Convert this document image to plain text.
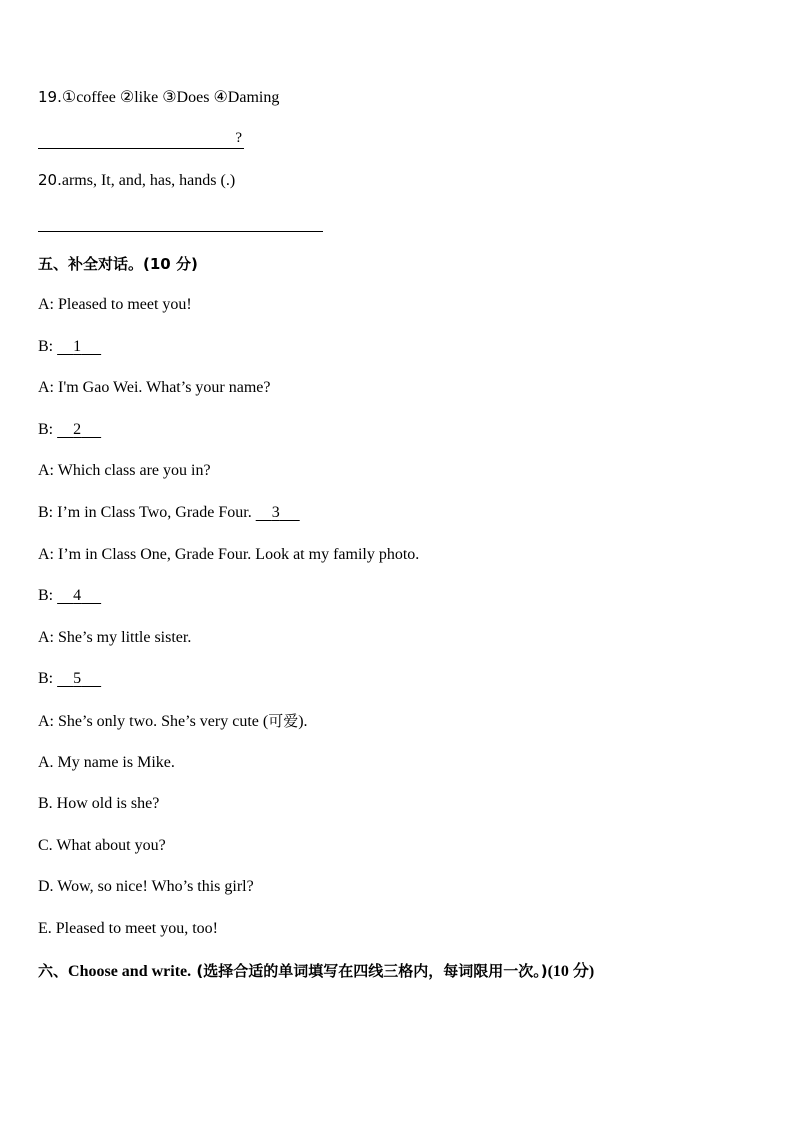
19.①coffee ②like ③Does ④Daming
?
20.arms, It, and, has, hands (.)
五、补全对话。(10 分)
A: Pleased to meet you!
B: 1
A: I'm Gao Wei. What’s your name?
B: 2
A: Which class are you in?
B: I’m in Class Two, Grade Four. 3
A: I’m in Class One, Grade Four. Look at my family photo.
B: 4
A: She’s my little sister.
B: 5
A: She’s only two. She’s very cute (可爱).
A. My name is Mike.
B. How old is she?
C. What about you?
D. Wow, so nice! Who’s this girl?
E. Pleased to meet you, too!
六、Choose and write. (选择合适的单词填写在四线三格内，每词限用一次。)(10 分)
